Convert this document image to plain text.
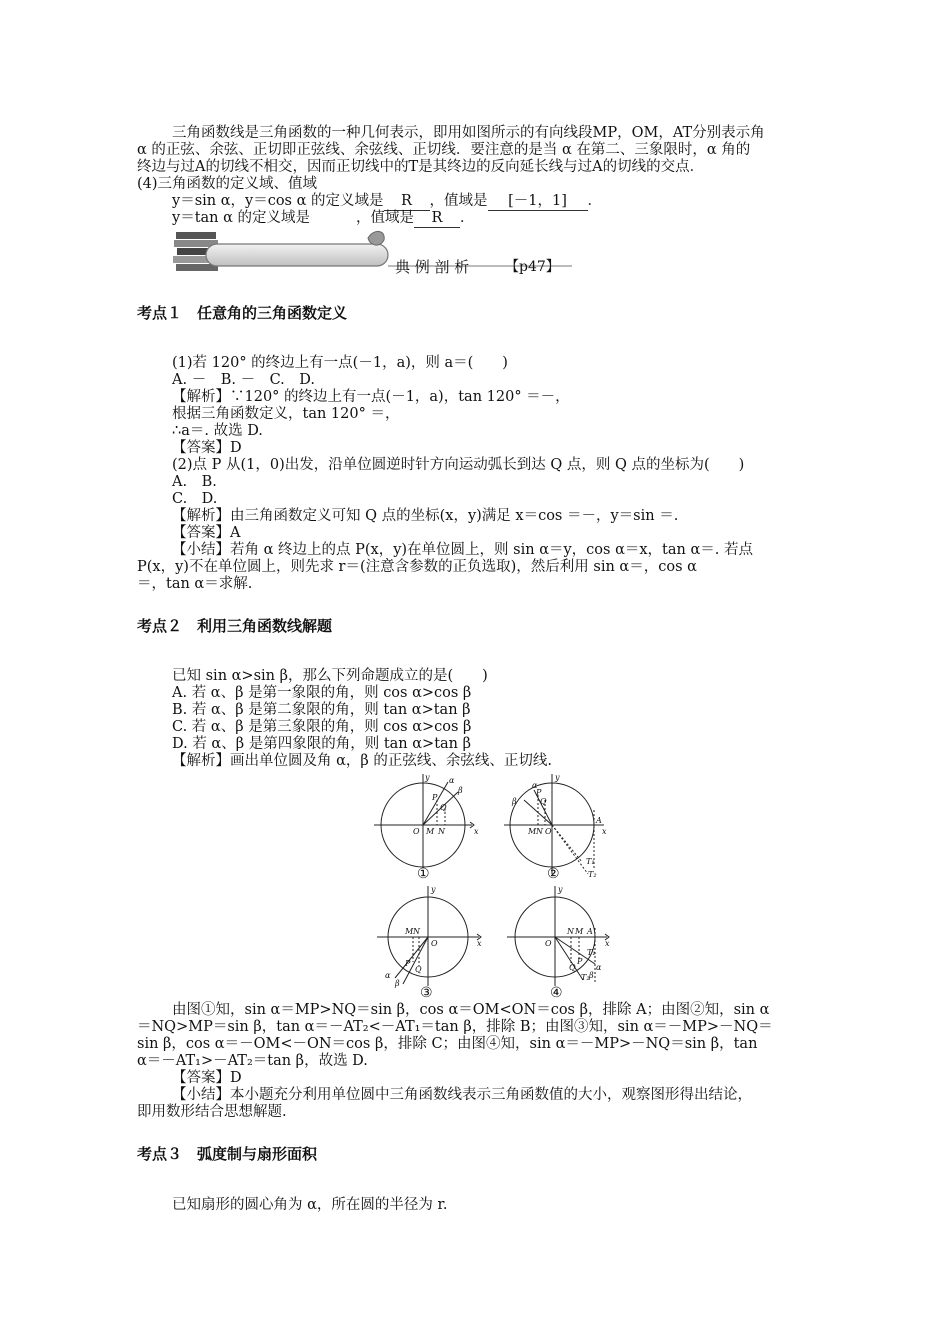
三角函数线是三角函数的一种几何表示，即用如图所示的有向线段MP，OM，AT分别表示角
α 的正弦、余弦、正切即正弦线、余弦线、正切线．要注意的是当 α 在第二、三象限时，α 角的
终边与过A的切线不相交，因而正切线中的T是其终边的反向延长线与过A的切线的交点．
(4)三角函数的定义域、值域
y＝sin α，y＝cos α 的定义域是 R ，值域是 [－1，1] ．
y＝tan α 的定义域是	，值域是 R ．
典 例 剖 析	【p47】
考点１　任意角的三角函数定义
(1)若 120° 的终边上有一点(－1，a)，则 a＝(　　)
A. －　B. －　C.　D.
【解析】∵120° 的终边上有一点(－1，a)，tan 120° ＝－，
根据三角函数定义，tan 120° ＝，
∴a＝. 故选 D.
【答案】D
(2)点 P 从(1，0)出发，沿单位圆逆时针方向运动弧长到达 Q 点，则 Q 点的坐标为(　　)
A.　B.
C.　D.
【解析】由三角函数定义可知 Q 点的坐标(x，y)满足 x＝cos ＝－，y＝sin ＝.
【答案】A
【小结】若角 α 终边上的点 P(x，y)在单位圆上，则 sin α＝y，cos α＝x，tan α＝. 若点
P(x，y)不在单位圆上，则先求 r＝(注意含参数的正负选取)，然后利用 sin α＝，cos α
＝，tan α＝求解.
考点２　利用三角函数线解题
已知 sin α>sin β，那么下列命题成立的是(　　)
A. 若 α、β 是第一象限的角，则 cos α>cos β
B. 若 α、β 是第二象限的角，则 tan α>tan β
C. 若 α、β 是第三象限的角，则 cos α>cos β
D. 若 α、β 是第四象限的角，则 tan α>tan β
【解析】画出单位圆及角 α，β 的正弦线、余弦线、正切线.
y
x
O M N
P
Q
α
β
y
x
α
β
P
Q
M N O
A
T₁
T₂
①	②
y
x
M N
O
P
Q
α
β
y
x
O
N M A
T₁
T₂
Q
P
α
β
③	④
由图①知，sin α＝MP>NQ＝sin β，cos α＝OM<ON＝cos β，排除 A；由图②知，sin α
＝NQ>MP＝sin β，tan α＝－AT₂<－AT₁＝tan β，排除 B；由图③知，sin α＝－MP>－NQ＝
sin β，cos α＝－OM<－ON＝cos β，排除 C；由图④知，sin α＝－MP>－NQ＝sin β，tan
α＝－AT₁>－AT₂＝tan β，故选 D.
【答案】D
【小结】本小题充分利用单位圆中三角函数线表示三角函数值的大小，观察图形得出结论，
即用数形结合思想解题.
考点３　弧度制与扇形面积
已知扇形的圆心角为 α，所在圆的半径为 r.
